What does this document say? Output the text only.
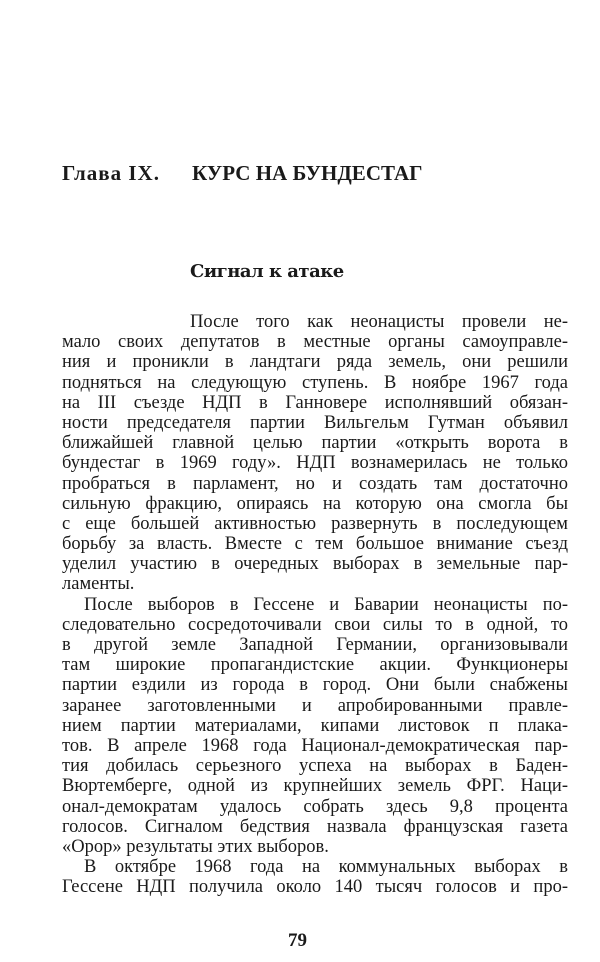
Глава IX. КУРС НА БУНДЕСТАГ
Сигнал к атаке
После того как неонацисты провели не-
мало своих депутатов в местные органы самоуправле-
ния и проникли в ландтаги ряда земель, они решили
подняться на следующую ступень. В ноябре 1967 года
на III съезде НДП в Ганновере исполнявший обязан-
ности председателя партии Вильгельм Гутман объявил
ближайшей главной целью партии «открыть ворота в
бундестаг в 1969 году». НДП вознамерилась не только
пробраться в парламент, но и создать там достаточно
сильную фракцию, опираясь на которую она смогла бы
с еще большей активностью развернуть в последующем
борьбу за власть. Вместе с тем большое внимание съезд
уделил участию в очередных выборах в земельные пар-
ламенты.
После выборов в Гессене и Баварии неонацисты по-
следовательно сосредоточивали свои силы то в одной, то
в другой земле Западной Германии, организовывали
там широкие пропагандистские акции. Функционеры
партии ездили из города в город. Они были снабжены
заранее заготовленными и апробированными правле-
нием партии материалами, кипами листовок п плака-
тов. В апреле 1968 года Национал-демократическая пар-
тия добилась серьезного успеха на выборах в Баден-
Вюртемберге, одной из крупнейших земель ФРГ. Наци-
онал-демократам удалось собрать здесь 9,8 процента
голосов. Сигналом бедствия назвала французская газета
«Орор» результаты этих выборов.
В октябре 1968 года на коммунальных выборах в
Гессене НДП получила около 140 тысяч голосов и про-
79
